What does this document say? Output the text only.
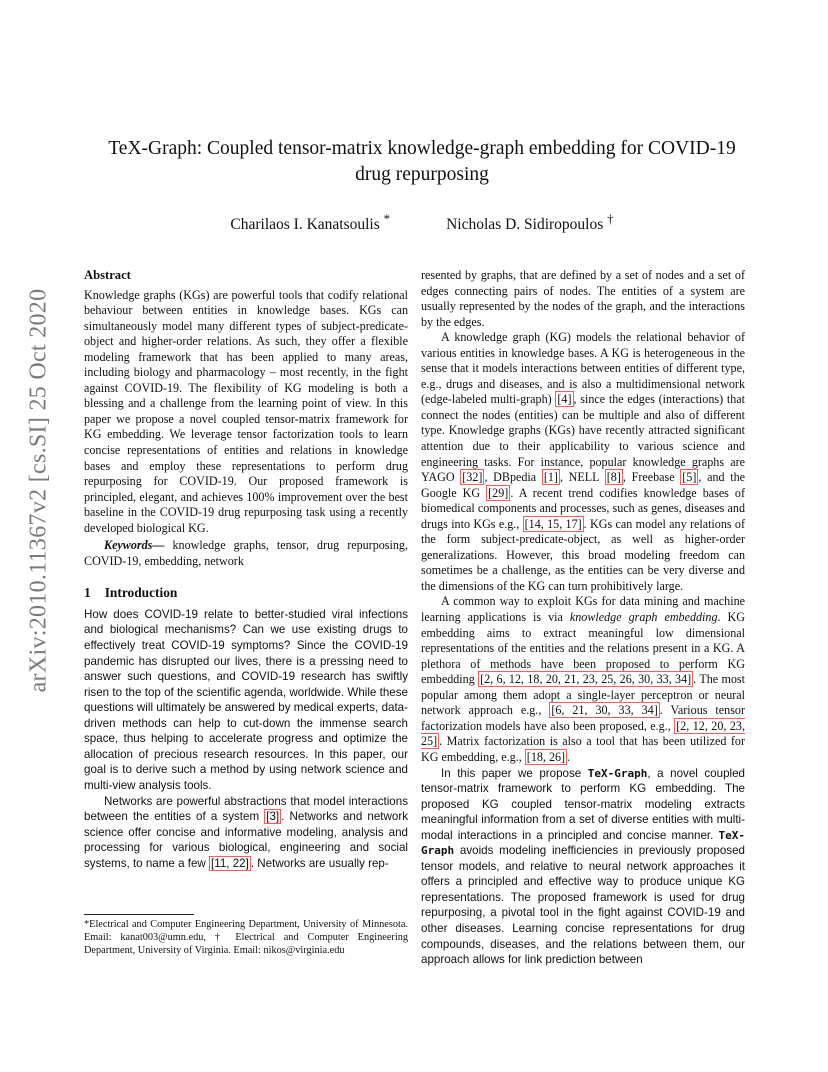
arXiv:2010.11367v2 [cs.SI] 25 Oct 2020
TeX-Graph: Coupled tensor-matrix knowledge-graph embedding for COVID-19
drug repurposing
Charilaos I. Kanatsoulis *	Nicholas D. Sidiropoulos †
Abstract

Knowledge graphs (KGs) are powerful tools that codify relational behaviour between entities in knowledge bases. KGs can simultaneously model many different types of subject-predicate-object and higher-order relations. As such, they offer a flexible modeling framework that has been applied to many areas, including biology and pharmacology – most recently, in the fight against COVID-19. The flexibility of KG modeling is both a blessing and a challenge from the learning point of view. In this paper we propose a novel coupled tensor-matrix framework for KG embedding. We leverage tensor factorization tools to learn concise representations of entities and relations in knowledge bases and employ these representations to perform drug repurposing for COVID-19. Our proposed framework is principled, elegant, and achieves 100% improvement over the best baseline in the COVID-19 drug repurposing task using a recently developed biological KG.

Keywords— knowledge graphs, tensor, drug repurposing, COVID-19, embedding, network

1 Introduction

How does COVID-19 relate to better-studied viral infections and biological mechanisms? Can we use existing drugs to effectively treat COVID-19 symptoms? Since the COVID-19 pandemic has disrupted our lives, there is a pressing need to answer such questions, and COVID-19 research has swiftly risen to the top of the scientific agenda, worldwide. While these questions will ultimately be answered by medical experts, data-driven methods can help to cut-down the immense search space, thus helping to accelerate progress and optimize the allocation of precious research resources. In this paper, our goal is to derive such a method by using network science and multi-view analysis tools.

Networks are powerful abstractions that model interactions between the entities of a system [3] . Networks and network science offer concise and informative modeling, analysis and processing for various biological, engineering and social systems, to name a few [11, 22] . Networks are usually rep-

resented by graphs, that are defined by a set of nodes and a set of edges connecting pairs of nodes. The entities of a system are usually represented by the nodes of the graph, and the interactions by the edges.

A knowledge graph (KG) models the relational behavior of various entities in knowledge bases. A KG is heterogeneous in the sense that it models interactions between entities of different type, e.g., drugs and diseases, and is also a multidimensional network (edge-labeled multi-graph) [4] , since the edges (interactions) that connect the nodes (entities) can be multiple and also of different type. Knowledge graphs (KGs) have recently attracted significant attention due to their applicability to various science and engineering tasks. For instance, popular knowledge graphs are YAGO [32] , DBpedia [1] , NELL [8] , Freebase [5] , and the Google KG [29] . A recent trend codifies knowledge bases of biomedical components and processes, such as genes, diseases and drugs into KGs e.g., [14, 15, 17] . KGs can model any relations of the form subject-predicate-object, as well as higher-order generalizations. However, this broad modeling freedom can sometimes be a challenge, as the entities can be very diverse and the dimensions of the KG can turn prohibitively large.

A common way to exploit KGs for data mining and machine learning applications is via knowledge graph embedding. KG embedding aims to extract meaningful low dimensional representations of the entities and the relations present in a KG. A plethora of methods have been proposed to perform KG embedding [2, 6, 12, 18, 20, 21, 23, 25, 26, 30, 33, 34] . The most popular among them adopt a single-layer perceptron or neural network approach e.g., [6, 21, 30, 33, 34] . Various tensor factorization models have also been proposed, e.g., [2, 12, 20, 23, 25] . Matrix factorization is also a tool that has been utilized for KG embedding, e.g., [18, 26] .

In this paper we propose TeX-Graph, a novel coupled tensor-matrix framework to perform KG embedding. The proposed KG coupled tensor-matrix modeling extracts meaningful information from a set of diverse entities with multi-modal interactions in a principled and concise manner. TeX-Graph avoids modeling inefficiencies in previously proposed tensor models, and relative to neural network approaches it offers a principled and effective way to produce unique KG representations. The proposed framework is used for drug repurposing, a pivotal tool in the fight against COVID-19 and other diseases. Learning concise representations for drug compounds, diseases, and the relations between them, our approach allows for link prediction between

*Electrical and Computer Engineering Department, University of Minnesota. Email: kanat003@umn.edu, † Electrical and Computer Engineering Department, University of Virginia. Email: nikos@virginia.edu
